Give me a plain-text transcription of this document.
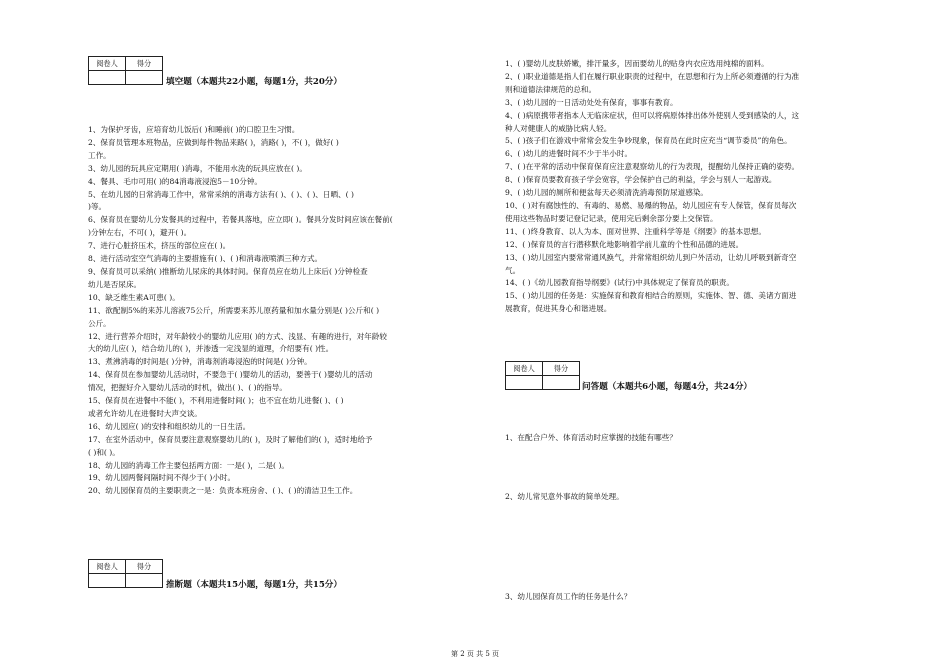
阅卷人	得分

填空题（本题共22小题，每题1分，共20分）
阅卷人	得分

推断题（本题共15小题，每题1分，共15分）
阅卷人	得分

问答题（本题共6小题，每题4分，共24分）

1、为保护牙齿，应培育幼儿饭后( )和睡前( )的口腔卫生习惯。

2、保育员管理本班物品，应做到每件物品来路( )，消路( )，不( )，做好( )

工作。

3、幼儿园的玩具应定期用( )消毒，不能用水洗的玩具应放在( )。

4、餐具、毛巾可用( )的84消毒液浸泡5－10分钟。

5、在幼儿园的日常消毒工作中，常常采纳的消毒方法有( )、( )、( )、日晒、( )

)等。

6、保育员在婴幼儿分发餐具的过程中，若餐具落地，应立即( )。餐具分发时间应该在餐前(

)分钟左右，不可( )，避开( )。

7、进行心脏挤压术，挤压的部位应在( )。

8、进行活动室空气消毒的主要措施有( )、( )和消毒液喷洒三种方式。

9、保育员可以采纳( )推断幼儿尿床的具体时间。保育员应在幼儿上床后( )分钟检查

幼儿是否尿床。

10、缺乏维生素A可患( )。

11、欲配制5%的来苏儿溶液75公斤，所需要来苏儿原药量和加水量分别是( )公斤和( )

公斤。

12、进行营养介绍时，对年龄较小的婴幼儿应用( )的方式、浅显、有趣的进行，对年龄较

大的幼儿应( )，结合幼儿的( )，并渗透一定浅显的道理，介绍要有( )性。

13、煮沸消毒的时间是( )分钟，消毒剂消毒浸泡的时间是( )分钟。

14、保育员在参加婴幼儿活动时，不要急于( )婴幼儿的活动，要善于( )婴幼儿的活动

情况，把握好介入婴幼儿活动的时机，做出( )、( )的指导。

15、保育员在进餐中不能( )，不利用进餐时间( )；也不宜在幼儿进餐( )、( )

或者允许幼儿在进餐时大声交谈。

16、幼儿园应( )的安排和组织幼儿的一日生活。

17、在室外活动中，保育员要注意观察婴幼儿的( )，及时了解他们的( )，适时地给予

( )和( )。

18、幼儿园的消毒工作主要包括两方面：一是( )，二是( )。

19、幼儿园两餐间隔时间不得少于( )小时。

20、幼儿园保育员的主要职责之一是：负责本班房舍、( )、( )的清洁卫生工作。

1、( )婴幼儿皮肤娇嫩，排汗量多，因而要幼儿的贴身内衣应选用纯棉的面料。

2、( )职业道德是指人们在履行职业职责的过程中，在思想和行为上所必须遵循的行为准

则和道德法律规范的总和。

3、( )幼儿园的一日活动处处有保育，事事有教育。

4、( )病原携带者指本人无临床症状，但可以将病原体排出体外使别人受到感染的人，这

种人对健康人的威胁比病人轻。

5、( )孩子们在游戏中常常会发生争吵现象，保育员在此时应充当“调节委员”的角色。

6、( )幼儿的进餐时间不少于半小时。

7、( )在平常的活动中保育保育应注意观察幼儿的行为表现，提醒幼儿保持正确的姿势。

8、( )保育员要教育孩子学会宽容，学会保护自己的利益，学会与别人一起游戏。

9、( )幼儿园的厕所和便盆每天必须清洗消毒预防尿道感染。

10、( )对有腐蚀性的、有毒的、易燃、易爆的物品，幼儿园应有专人保管，保育员每次

使用这些物品时要记登记记录，使用完后剩余部分要上交保管。

11、( )终身教育、以人为本、面对世界、注重科学等是《纲要》的基本思想。

12、( )保育员的言行潜移默化地影响着学前儿童的个性和品德的进展。

13、( )幼儿园室内要常常通风换气，并常常组织幼儿到户外活动，让幼儿呼吸到新奇空

气。

14、( )《幼儿园教育指导纲要》(试行)中具体规定了保育员的职责。

15、( )幼儿园的任务是：实施保育和教育相结合的原则，实施体、智、德、美诸方面进

展教育，促进其身心和谐进展。

1、在配合户外、体育活动时应掌握的技能有哪些？

2、幼儿常见意外事故的简单处理。

3、幼儿园保育员工作的任务是什么？

第 2 页 共 5 页
